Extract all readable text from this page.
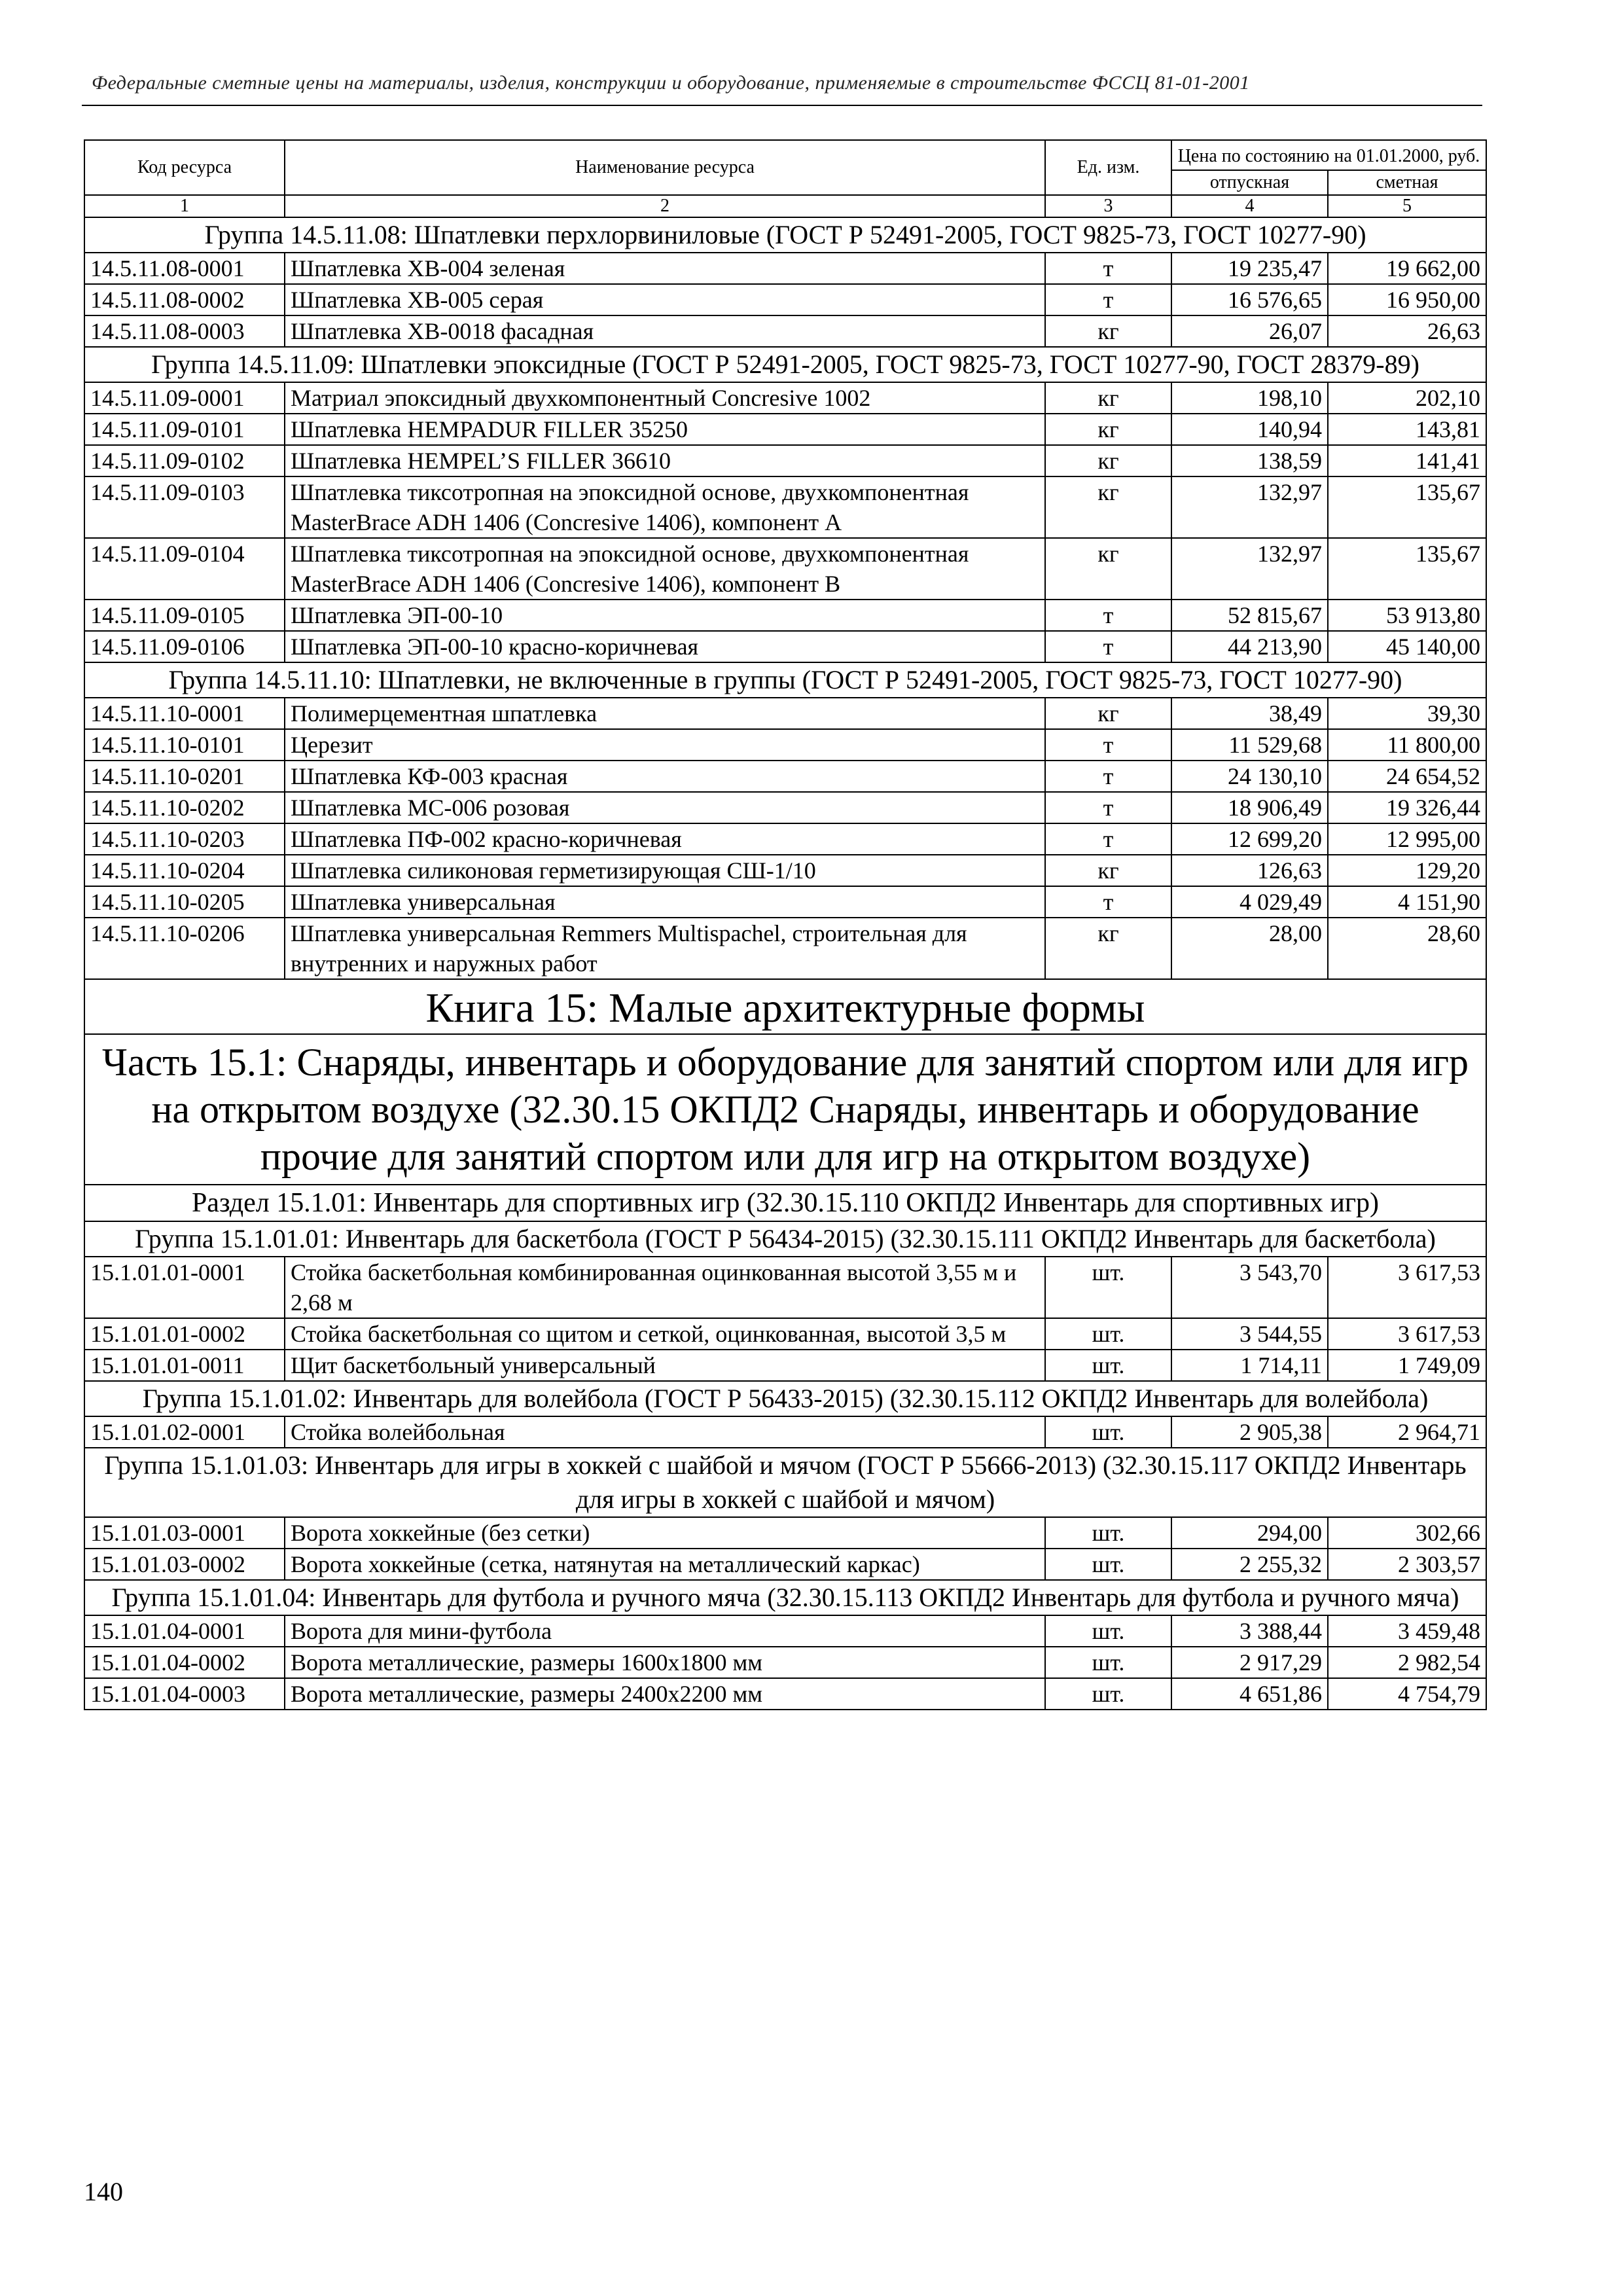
Федеральные сметные цены на материалы, изделия, конструкции и оборудование, применяемые в строительстве ФССЦ 81-01-2001
Код ресурса	Наименование ресурса	Ед. изм.	Цена по состоянию на 01.01.2000, руб.	
			отпускная	сметная
1	2	3	4	5
Группа 14.5.11.08: Шпатлевки перхлорвиниловые (ГОСТ Р 52491-2005, ГОСТ 9825-73, ГОСТ 10277-90)				
14.5.11.08-0001	Шпатлевка ХВ-004 зеленая	т	19 235,47	19 662,00
14.5.11.08-0002	Шпатлевка ХВ-005 серая	т	16 576,65	16 950,00
14.5.11.08-0003	Шпатлевка ХВ-0018 фасадная	кг	26,07	26,63
Группа 14.5.11.09: Шпатлевки эпоксидные (ГОСТ Р 52491-2005, ГОСТ 9825-73, ГОСТ 10277-90, ГОСТ 28379-89)				
14.5.11.09-0001	Матриал эпоксидный двухкомпонентный Concresive 1002	кг	198,10	202,10
14.5.11.09-0101	Шпатлевка HEMPADUR FILLER 35250	кг	140,94	143,81
14.5.11.09-0102	Шпатлевка HEMPEL’S FILLER 36610	кг	138,59	141,41
14.5.11.09-0103	Шпатлевка тиксотропная на эпоксидной основе, двухкомпонентная MasterBrace ADH 1406 (Concresive 1406), компонент А	кг	132,97	135,67
14.5.11.09-0104	Шпатлевка тиксотропная на эпоксидной основе, двухкомпонентная MasterBrace ADH 1406 (Concresive 1406), компонент В	кг	132,97	135,67
14.5.11.09-0105	Шпатлевка ЭП-00-10	т	52 815,67	53 913,80
14.5.11.09-0106	Шпатлевка ЭП-00-10 красно-коричневая	т	44 213,90	45 140,00
Группа 14.5.11.10: Шпатлевки, не включенные в группы (ГОСТ Р 52491-2005, ГОСТ 9825-73, ГОСТ 10277-90)				
14.5.11.10-0001	Полимерцементная шпатлевка	кг	38,49	39,30
14.5.11.10-0101	Церезит	т	11 529,68	11 800,00
14.5.11.10-0201	Шпатлевка КФ-003 красная	т	24 130,10	24 654,52
14.5.11.10-0202	Шпатлевка МС-006 розовая	т	18 906,49	19 326,44
14.5.11.10-0203	Шпатлевка ПФ-002 красно-коричневая	т	12 699,20	12 995,00
14.5.11.10-0204	Шпатлевка силиконовая герметизирующая СШ-1/10	кг	126,63	129,20
14.5.11.10-0205	Шпатлевка универсальная	т	4 029,49	4 151,90
14.5.11.10-0206	Шпатлевка универсальная Remmers Multispachel, строительная для внутренних и наружных работ	кг	28,00	28,60
Книга 15: Малые архитектурные формы				
Часть 15.1: Снаряды, инвентарь и оборудование для занятий спортом или для игр на открытом воздухе (32.30.15 ОКПД2 Снаряды, инвентарь и оборудование прочие для занятий спортом или для игр на открытом воздухе)				
Раздел 15.1.01: Инвентарь для спортивных игр (32.30.15.110 ОКПД2 Инвентарь для спортивных игр)				
Группа 15.1.01.01: Инвентарь для баскетбола (ГОСТ Р 56434-2015) (32.30.15.111 ОКПД2 Инвентарь для баскетбола)				
15.1.01.01-0001	Стойка баскетбольная комбинированная оцинкованная высотой 3,55 м и 2,68 м	шт.	3 543,70	3 617,53
15.1.01.01-0002	Стойка баскетбольная со щитом и сеткой, оцинкованная, высотой 3,5 м	шт.	3 544,55	3 617,53
15.1.01.01-0011	Щит баскетбольный универсальный	шт.	1 714,11	1 749,09
Группа 15.1.01.02: Инвентарь для волейбола (ГОСТ Р 56433-2015) (32.30.15.112 ОКПД2 Инвентарь для волейбола)				
15.1.01.02-0001	Стойка волейбольная	шт.	2 905,38	2 964,71
Группа 15.1.01.03: Инвентарь для игры в хоккей с шайбой и мячом (ГОСТ Р 55666-2013) (32.30.15.117 ОКПД2 Инвентарь для игры в хоккей с шайбой и мячом)				
15.1.01.03-0001	Ворота хоккейные (без сетки)	шт.	294,00	302,66
15.1.01.03-0002	Ворота хоккейные (сетка, натянутая на металлический каркас)	шт.	2 255,32	2 303,57
Группа 15.1.01.04: Инвентарь для футбола и ручного мяча (32.30.15.113 ОКПД2 Инвентарь для футбола и ручного мяча)				
15.1.01.04-0001	Ворота для мини-футбола	шт.	3 388,44	3 459,48
15.1.01.04-0002	Ворота металлические, размеры 1600х1800 мм	шт.	2 917,29	2 982,54
15.1.01.04-0003	Ворота металлические, размеры 2400х2200 мм	шт.	4 651,86	4 754,79
140
